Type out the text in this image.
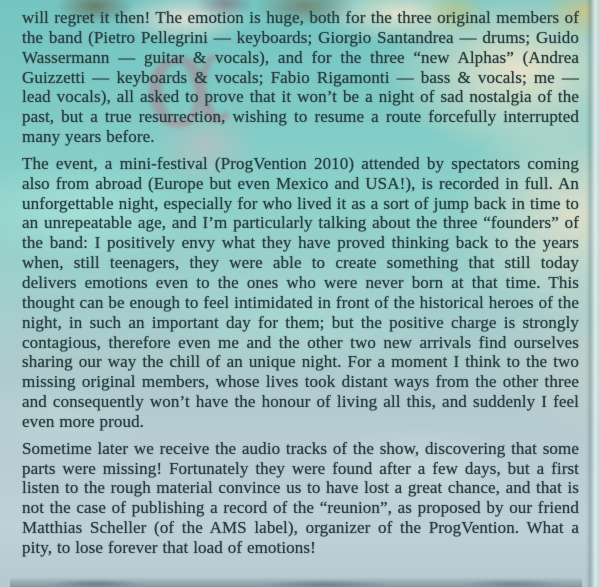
α

will regret it then! The emotion is huge, both for the three original members of the band (Pietro Pellegrini — keyboards; Giorgio Santandrea — drums; Guido Wassermann — guitar & vocals), and for the three “new Alphas” (Andrea Guizzetti — keyboards & vocals; Fabio Rigamonti — bass & vocals; me — lead vocals), all asked to prove that it won’t be a night of sad nostalgia of the past, but a true resurrection, wishing to resume a route forcefully interrupted many years before.

The event, a mini-festival (ProgVention 2010) attended by spectators coming also from abroad (Europe but even Mexico and USA!), is recorded in full. An unforgettable night, especially for who lived it as a sort of jump back in time to an unrepeatable age, and I’m particularly talking about the three “founders” of the band: I positively envy what they have proved thinking back to the years when, still teenagers, they were able to create something that still today delivers emotions even to the ones who were never born at that time. This thought can be enough to feel intimidated in front of the historical heroes of the night, in such an important day for them; but the positive charge is strongly contagious, therefore even me and the other two new arrivals find ourselves sharing our way the chill of an unique night. For a moment I think to the two missing original members, whose lives took distant ways from the other three and consequently won’t have the honour of living all this, and suddenly I feel even more proud.

Sometime later we receive the audio tracks of the show, discovering that some parts were missing! Fortunately they were found after a few days, but a first listen to the rough material convince us to have lost a great chance, and that is not the case of publishing a record of the “reunion”, as proposed by our friend Matthias Scheller (of the AMS label), organizer of the ProgVention. What a pity, to lose forever that load of emotions!
